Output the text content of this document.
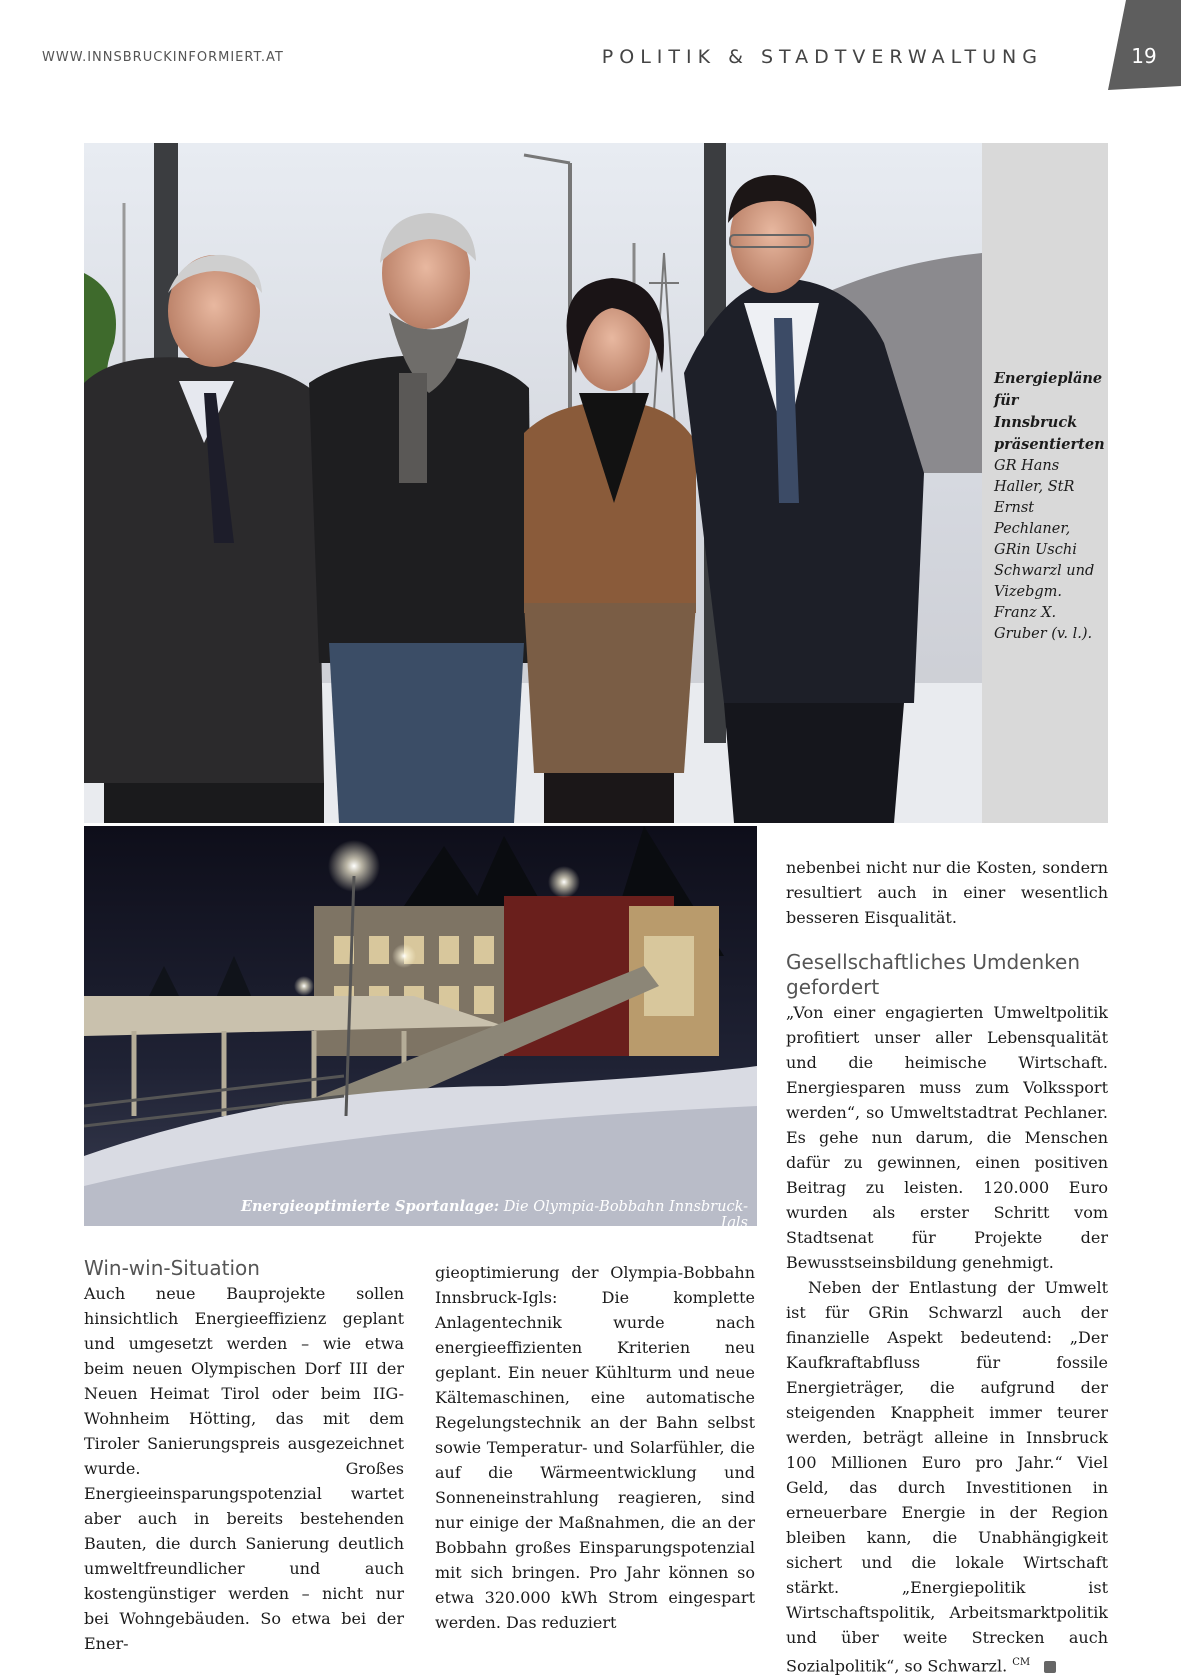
WWW.INNSBRUCKINFORMIERT.AT	POLITIK & STADTVERWALTUNG	19
Energiepläne für Innsbruck präsentierten GR Hans Haller, StR Ernst Pechlaner, GRin Uschi Schwarzl und Vizebgm. Franz X. Gruber (v. l.).
Energieoptimierte Sportanlage: Die Olympia-Bobbahn Innsbruck-Igls
Win-win-Situation

Auch neue Bauprojekte sollen hinsichtlich Energieeffizienz geplant und umgesetzt werden – wie etwa beim neuen Olympischen Dorf III der Neuen Heimat Tirol oder beim IIG-Wohnheim Hötting, das mit dem Tiroler Sanierungspreis ausgezeichnet wurde. Großes Energieeinsparungspotenzial wartet aber auch in bereits bestehenden Bauten, die durch Sanierung deutlich umweltfreundlicher und auch kostengünstiger werden – nicht nur bei Wohngebäuden. So etwa bei der Ener-

gieoptimierung der Olympia-Bobbahn Innsbruck-Igls: Die komplette Anlagentechnik wurde nach energieeffizienten Kriterien neu geplant. Ein neuer Kühlturm und neue Kältemaschinen, eine automatische Regelungstechnik an der Bahn selbst sowie Temperatur- und Solarfühler, die auf die Wärmeentwicklung und Sonneneinstrahlung reagieren, sind nur einige der Maßnahmen, die an der Bobbahn großes Einsparungspotenzial mit sich bringen. Pro Jahr können so etwa 320.000 kWh Strom eingespart werden. Das reduziert

nebenbei nicht nur die Kosten, sondern resultiert auch in einer wesentlich besseren Eisqualität.

Gesellschaftliches Umdenken gefordert

„Von einer engagierten Umweltpolitik profitiert unser aller Lebensqualität und die heimische Wirtschaft. Energiesparen muss zum Volkssport werden“, so Umweltstadtrat Pechlaner. Es gehe nun darum, die Menschen dafür zu gewinnen, einen positiven Beitrag zu leisten. 120.000 Euro wurden als erster Schritt vom Stadtsenat für Projekte der Bewusstseinsbildung genehmigt.

Neben der Entlastung der Umwelt ist für GRin Schwarzl auch der finanzielle Aspekt bedeutend: „Der Kaufkraftabfluss für fossile Energieträger, die aufgrund der steigenden Knappheit immer teurer werden, beträgt alleine in Innsbruck 100 Millionen Euro pro Jahr.“ Viel Geld, das durch Investitionen in erneuerbare Energie in der Region bleiben kann, die Unabhängigkeit sichert und die lokale Wirtschaft stärkt. „Energiepolitik ist Wirtschaftspolitik, Arbeitsmarktpolitik und über weite Strecken auch Sozialpolitik“, so Schwarzl. $^{CM}$
